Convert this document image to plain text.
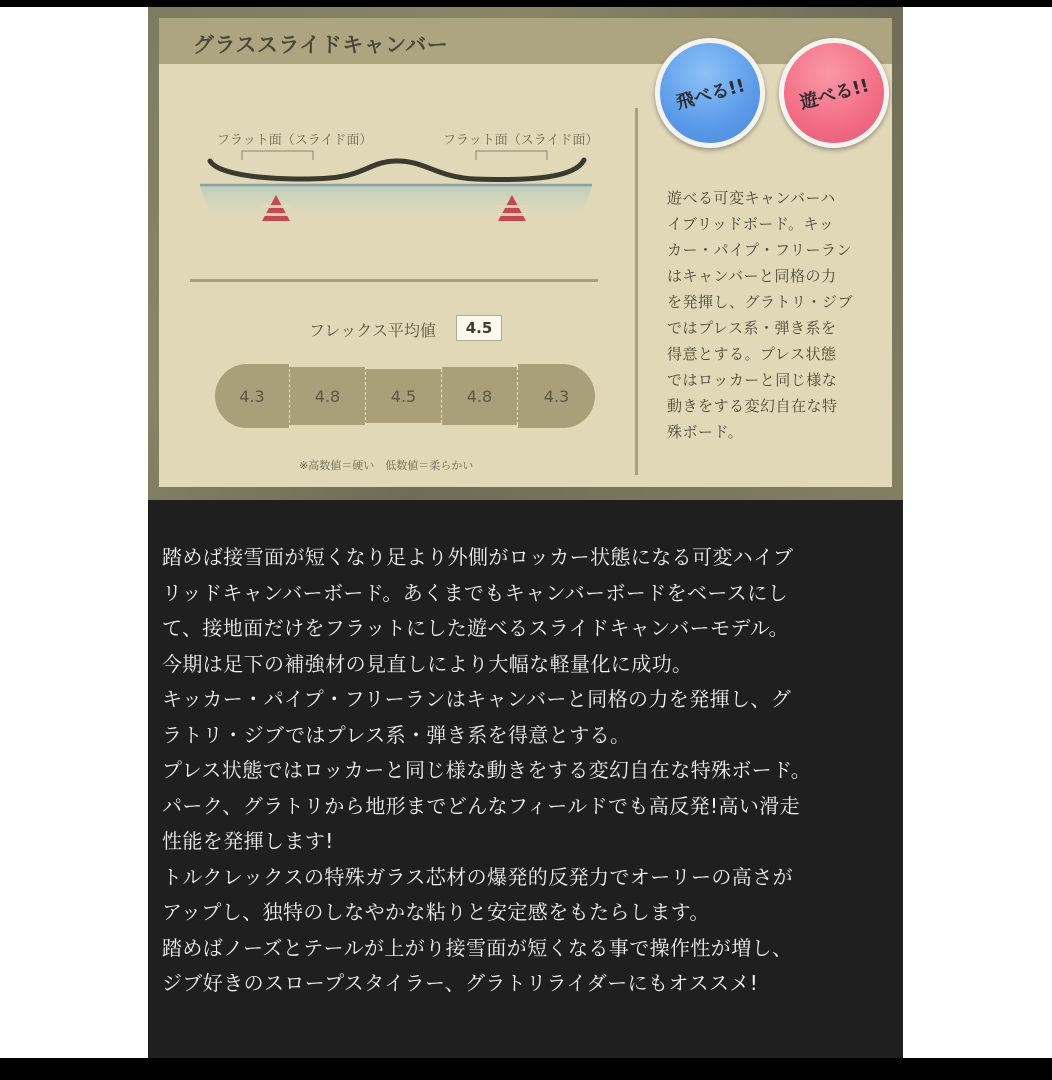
グラススライドキャンバー
フラット面（スライド面）	フラット面（スライド面）
フレックス平均値	4.5
4.3	4.8	4.5	4.8	4.3
※高数値＝硬い　低数値＝柔らかい
飛べる!!	遊べる!!
遊べる可変キャンバーハ
イブリッドボード。キッ
カー・パイプ・フリーラン
はキャンバーと同格の力
を発揮し、グラトリ・ジブ
ではプレス系・弾き系を
得意とする。プレス状態
ではロッカーと同じ様な
動きをする変幻自在な特
殊ボード。
踏めば接雪面が短くなり足より外側がロッカー状態になる可変ハイブ
リッドキャンバーボード。あくまでもキャンバーボードをベースにし
て、接地面だけをフラットにした遊べるスライドキャンバーモデル。
今期は足下の補強材の見直しにより大幅な軽量化に成功。
キッカー・パイプ・フリーランはキャンバーと同格の力を発揮し、グ
ラトリ・ジブではプレス系・弾き系を得意とする。
プレス状態ではロッカーと同じ様な動きをする変幻自在な特殊ボード。
パーク、グラトリから地形までどんなフィールドでも高反発!高い滑走
性能を発揮します!
トルクレックスの特殊ガラス芯材の爆発的反発力でオーリーの高さが
アップし、独特のしなやかな粘りと安定感をもたらします。
踏めばノーズとテールが上がり接雪面が短くなる事で操作性が増し、
ジブ好きのスロープスタイラー、グラトリライダーにもオススメ!
